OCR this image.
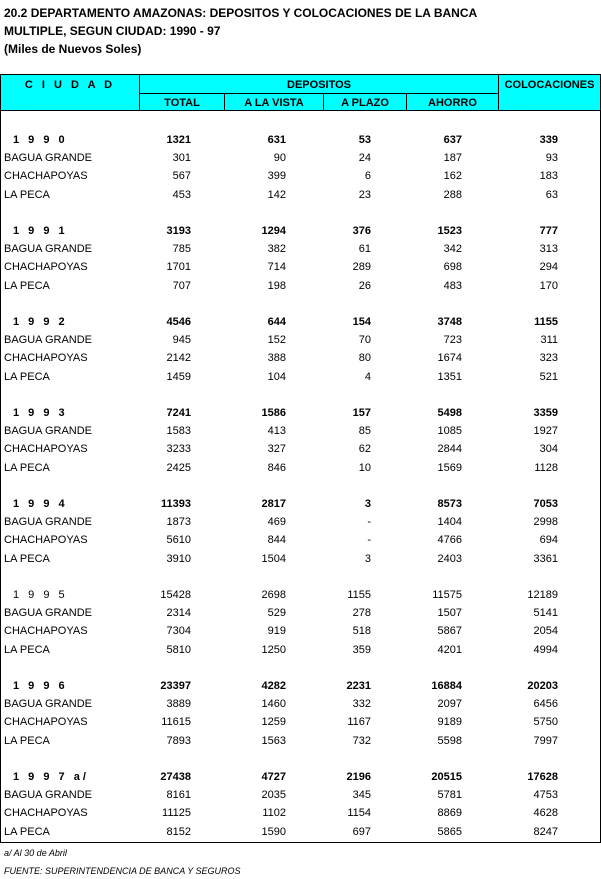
20.2 DEPARTAMENTO AMAZONAS: DEPOSITOS Y COLOCACIONES DE LA BANCA
MULTIPLE, SEGUN CIUDAD: 1990 - 97
(Miles de Nuevos Soles)
C I U D A D	DEPOSITOS	COLOCACIONES
TOTAL	A LA VISTA	A PLAZO	AHORRO
1 9 9 0	1321	631	53	637	339
BAGUA GRANDE	301	90	24	187	93
CHACHAPOYAS	567	399	6	162	183
LA PECA	453	142	23	288	63
1 9 9 1	3193	1294	376	1523	777
BAGUA GRANDE	785	382	61	342	313
CHACHAPOYAS	1701	714	289	698	294
LA PECA	707	198	26	483	170
1 9 9 2	4546	644	154	3748	1155
BAGUA GRANDE	945	152	70	723	311
CHACHAPOYAS	2142	388	80	1674	323
LA PECA	1459	104	4	1351	521
1 9 9 3	7241	1586	157	5498	3359
BAGUA GRANDE	1583	413	85	1085	1927
CHACHAPOYAS	3233	327	62	2844	304
LA PECA	2425	846	10	1569	1128
1 9 9 4	11393	2817	3	8573	7053
BAGUA GRANDE	1873	469	-	1404	2998
CHACHAPOYAS	5610	844	-	4766	694
LA PECA	3910	1504	3	2403	3361
1 9 9 5	15428	2698	1155	11575	12189
BAGUA GRANDE	2314	529	278	1507	5141
CHACHAPOYAS	7304	919	518	5867	2054
LA PECA	5810	1250	359	4201	4994
1 9 9 6	23397	4282	2231	16884	20203
BAGUA GRANDE	3889	1460	332	2097	6456
CHACHAPOYAS	11615	1259	1167	9189	5750
LA PECA	7893	1563	732	5598	7997
1 9 9 7 a/	27438	4727	2196	20515	17628
BAGUA GRANDE	8161	2035	345	5781	4753
CHACHAPOYAS	11125	1102	1154	8869	4628
LA PECA	8152	1590	697	5865	8247
a/ Al 30 de Abril
FUENTE: SUPERINTENDENCIA DE BANCA Y SEGUROS
